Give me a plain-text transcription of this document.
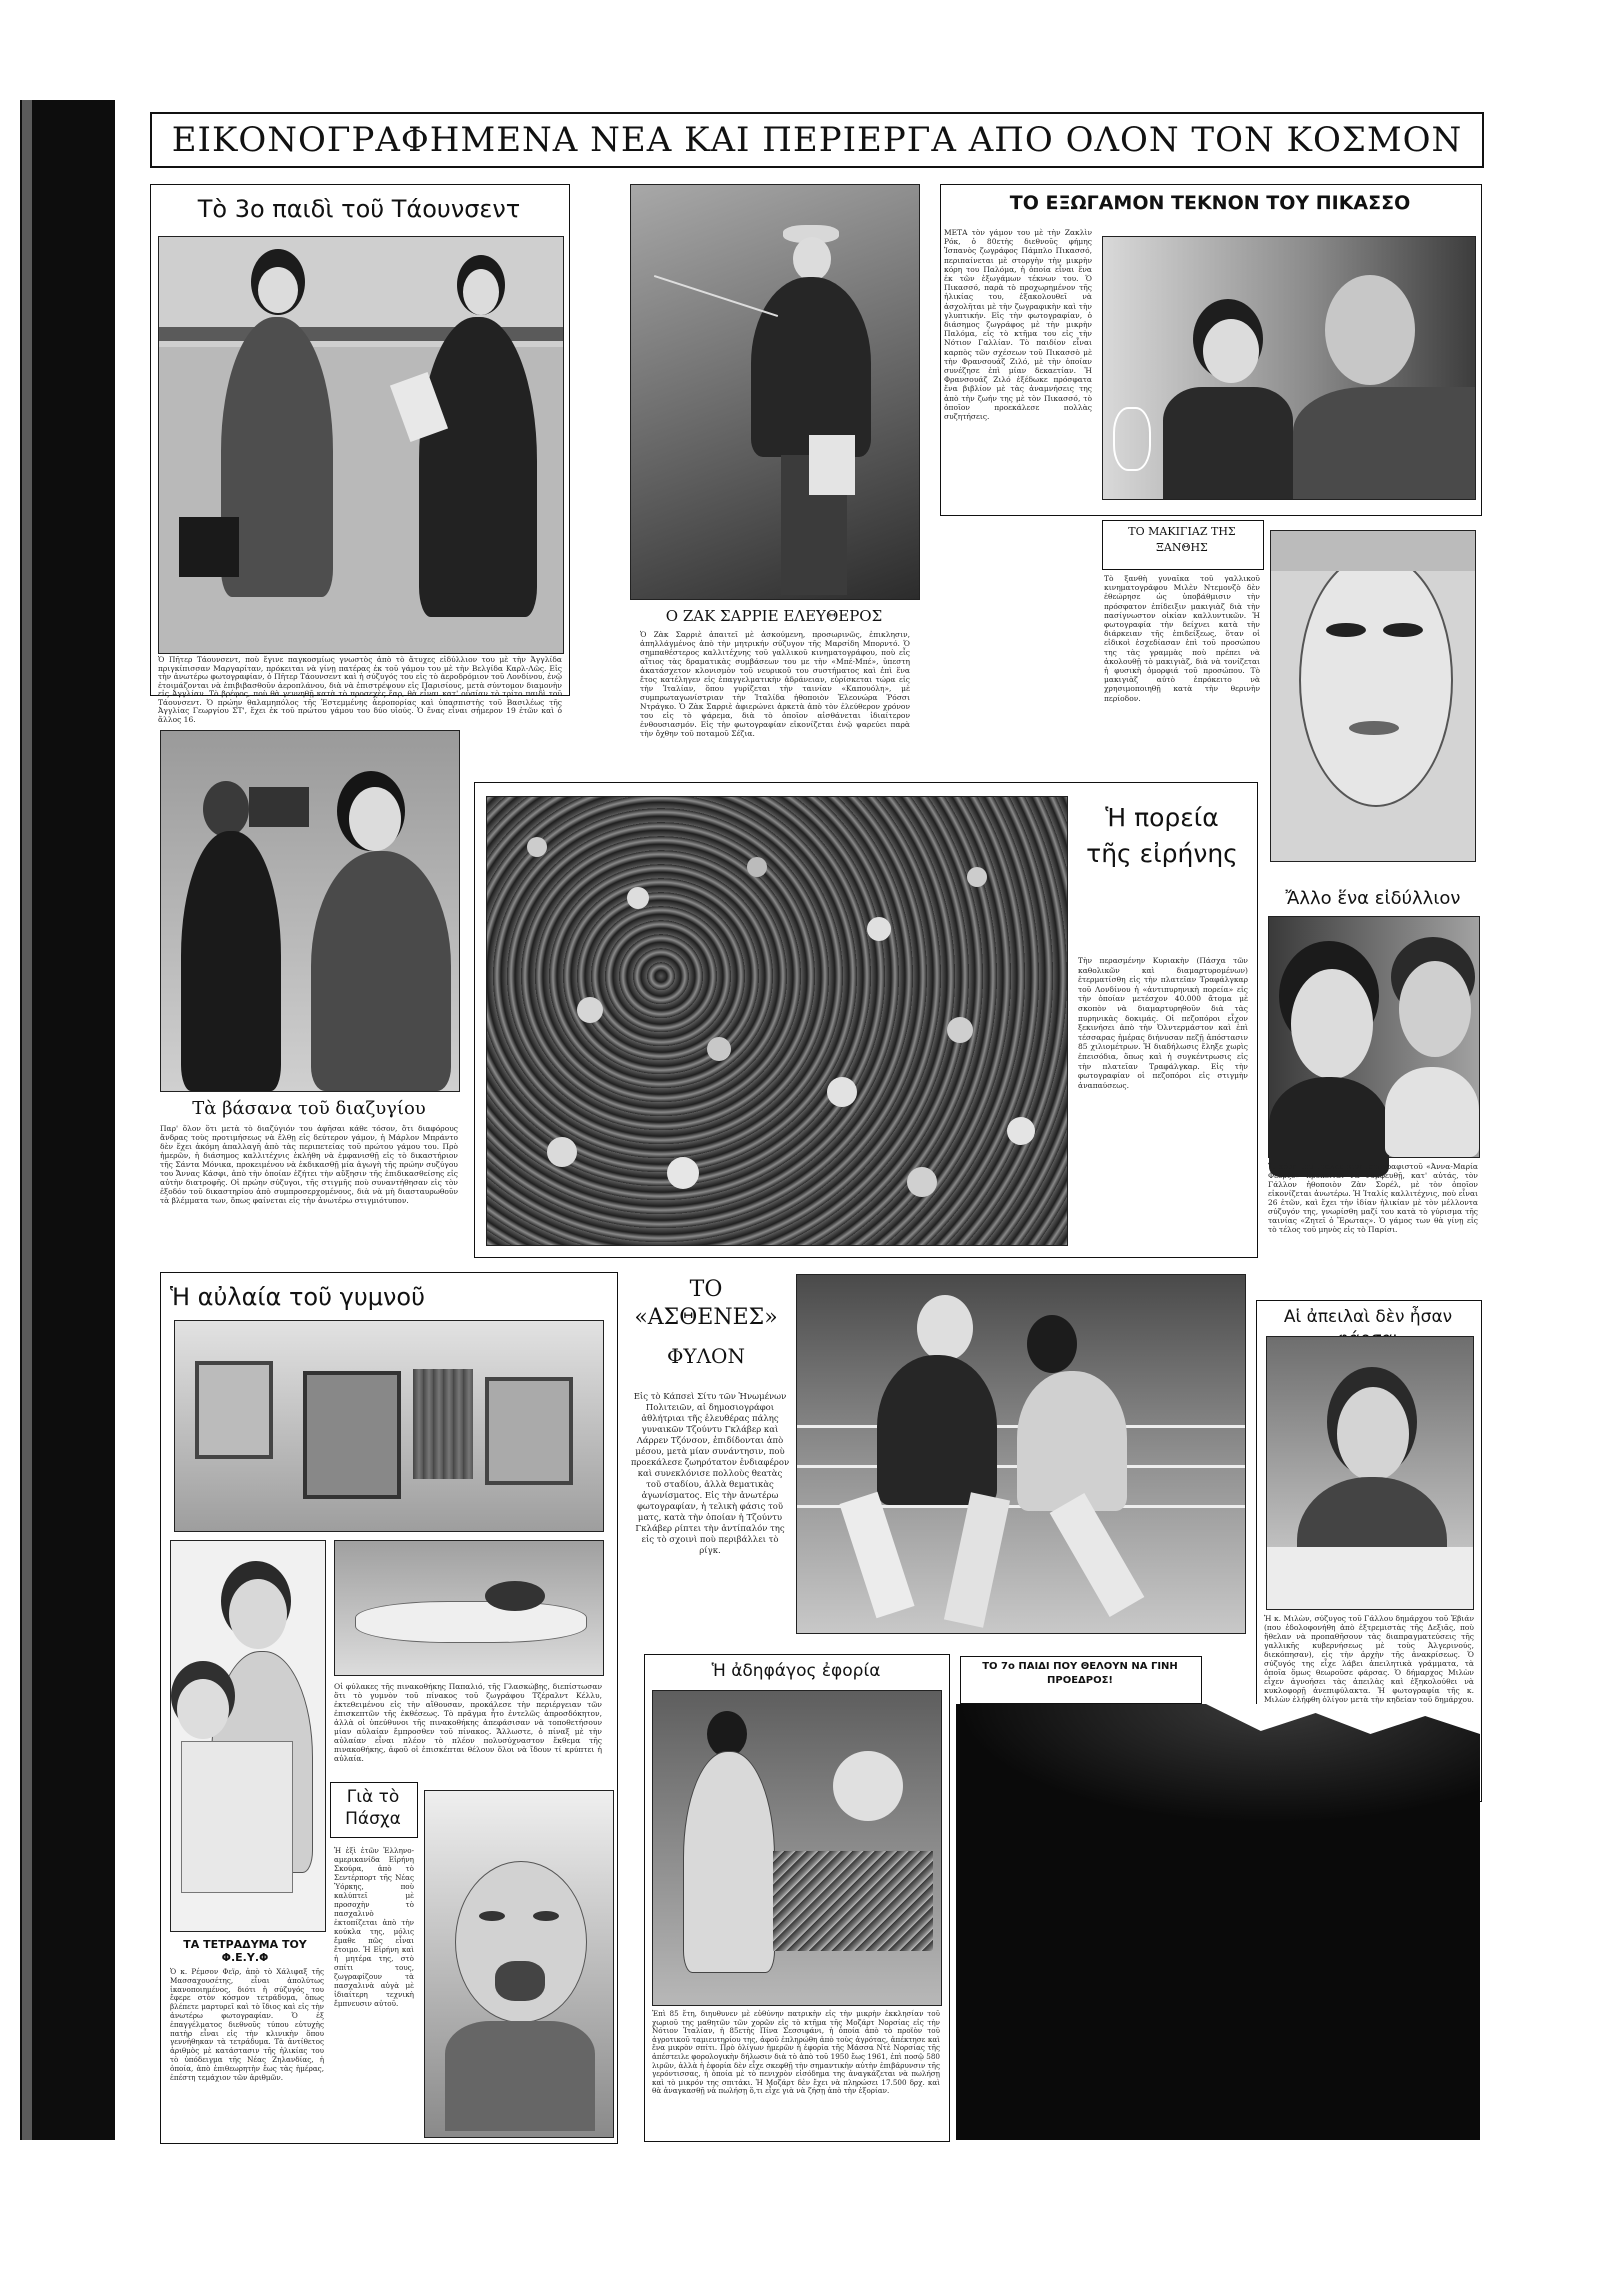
ΕΙΚΟΝΟΓΡΑΦΗΜΕΝΑ ΝΕΑ ΚΑΙ ΠΕΡΙΕΡΓΑ ΑΠΟ ΟΛΟΝ ΤΟΝ ΚΟΣΜΟΝ
Τὸ 3ο παιδὶ τοῦ Τάουνσεντ
Ὁ Πῆτερ Τάουνσεντ, ποὺ ἔγινε παγκοσμίως γνωστὸς ἀπὸ τὸ ἄτυχες εἰδύλλιον του μὲ τὴν Ἀγγλίδα πριγκίπισσαν Μαργαρίταν, πρόκειται νὰ γίνῃ πατέρας ἐκ τοῦ γάμου του μὲ τὴν Βελγίδα Καρλ-Λῶς. Εἰς τὴν ἀνωτέρω φωτογραφίαν, ὁ Πῆτερ Τάουνσεντ καὶ ἡ σύζυγός του εἰς τὸ ἀεροδρόμιον τοῦ Λονδίνου, ἐνῷ ἐτοιμάζονται νὰ ἐπιβιβασθοῦν ἀεροπλάνου, διὰ νὰ ἐπιστρέψουν εἰς Παρισίους, μετὰ σύντομον διαμονὴν εἰς Ἀγγλίαν. Τὸ βρέφος, ποὺ θὰ γεννηθῇ κατὰ τὸ προσεχὲς ἔαρ, θὰ εἶναι κατ' οὐσίαν τὸ τρίτο παιδὶ τοῦ Τάουνσεντ. Ὁ πρώην θαλαμηπόλος τῆς Ἐστεμμένης ἀεροπορίας καὶ ὑπασπιστὴς τοῦ Βασιλέως τῆς Ἀγγλίας Γεωργίου ΣΤ', ἔχει ἐκ τοῦ πρώτου γάμου του δύο υἱούς. Ὁ ἕνας εἶναι σήμερον 19 ἐτῶν καὶ ὁ ἄλλος 16.
Ο ΖΑΚ ΣΑΡΡΙΕ ΕΛΕΥΘΕΡΟΣ
Ὁ Ζὰκ Σαρριὲ ἀπαιτεῖ μὲ ἀσκούμενη, προσωρινῶς, ἐπικλησιν, ἀπηλλάγμένος ἀπὸ τὴν μητρικήν σύζυγον τῆς Μαρσίδη Μπορντό. Ὁ σημπαθέστερος καλλιτέχνης τοῦ γαλλικοῦ κινηματογράφου, ποὺ εἶς αἴτιος τὰς δραματικὰς συμβάσεων του με τὴν «Μπέ-Μπέ», ὑπεστη ἀκατάσχετον κλονισμὸν τοῦ νευρικοῦ του συστήματος καὶ ἐπὶ ἕνα ἔτος κατέληγεν εἰς ἐπαγγελματικὴν ἀδράνειαν, εὑρίσκεται τώρα εἰς τὴν Ἰταλίαν, ὅπου γυρίζεται τὴν ταινίαν «Καπουόλη», μὲ συμπρωταγωνίστριαν τὴν Ἰταλίδα ἠθοποιὸν Ἐλεονώρα Ῥόσσι Ντράγκο. Ὁ Ζὰκ Σαρριὲ ἀφιερώνει ἀρκετὰ ἀπὸ τὸν ἐλεύθερον χρόνον του εἰς τὸ ψάρεμα, διὰ τὸ ὁποῖον αἰσθάνεται ἰδιαίτερον ἐνθουσιασμόν. Εἰς τὴν φωτογραφίαν εἰκονίζεται ἐνῷ ψαρεύει παρὰ τὴν ὄχθην τοῦ ποταμοῦ Σέζια.
ΤΟ ΕΞΩΓΑΜΟΝ ΤΕΚΝΟΝ ΤΟΥ ΠΙΚΑΣΣΟ
ΜΕΤΑ τὸν γάμον του μὲ τὴν Ζακλὶν Ρόκ, ὁ 80ετὴς διεθνοῦς φήμης Ἱσπανὸς ζωγράφος Πάμπλο Πικασσό, περιπαίνεται μὲ στοργὴν τὴν μικρὴν κόρη του Παλόμα, ἡ ὁποία εἶναι ἕνα ἐκ τῶν ἐξωγάμων τέκνων του. Ὁ Πικασσό, παρὰ τὸ προχωρημένον τῆς ἡλικίας του, ἐξακολουθεῖ νὰ ἀσχολῆται μὲ τὴν ζωγραφικὴν καὶ τὴν γλυπτικήν. Εἰς τὴν φωτογραφίαν, ὁ διάσημος ζωγράφος μὲ τὴν μικρὴν Παλόμα, εἰς τὸ κτῆμα του εἰς τὴν Νότιον Γαλλίαν. Τὸ παιδίον εἶναι καρπὸς τῶν σχέσεων τοῦ Πικασσὸ μὲ τὴν Φρανσουάζ Ζιλό, μὲ τὴν ὁποίαν συνέζησε ἐπὶ μίαν δεκαετίαν. Ἡ Φρανσουάζ Ζιλό ἐξέδωκε πρόσφατα ἕνα βιβλίον μὲ τὰς ἀναμνήσεις της ἀπὸ τὴν ζωήν της μὲ τὸν Πικασσό, τὸ ὁποῖον προεκάλεσε πολλὰς συζητήσεις.
ΤΟ ΜΑΚΙΓΙΑΖ ΤΗΣ ΞΑΝΘΗΣ
Τὸ ξανθὴ γυναῖκα τοῦ γαλλικοῦ κινηματογράφου Μιλὲν Ντεμονζὸ δὲν ἐθεώρησε ὡς ὑποβάθμισιν τὴν πρόσφατον ἐπίδειξιν μακιγιὰζ διὰ τὴν πασίγνωστον οἰκίαν καλλυντικῶν. Ἡ φωτογραφία τὴν δείχνει κατὰ τὴν διάρκειαν τῆς ἐπιδείξεως, ὅταν οἱ εἰδικοὶ ἐσχεδίασαν ἐπὶ τοῦ προσώπου της τὰς γραμμὰς ποὺ πρέπει νὰ ἀκολουθῇ τὸ μακιγιὰζ, διὰ νὰ τονίζεται ἡ φυσικὴ ὀμορφιά τοῦ προσώπου. Τὸ μακιγιὰζ αὐτὸ ἐπρόκειτο νὰ χρησιμοποιηθῇ κατὰ τὴν θερινὴν περίοδον.
Τὰ βάσανα τοῦ διαζυγίου
Παρ' ὅλον ὅτι μετὰ τὸ διαζύγιόν του ἀφῆσαι κάθε τόσον, ὅτι διαφόρους ἄνδρας τοὺς προτιμήσεως νὰ ἔλθῃ εἰς δεύτερον γάμον, ἡ Μάρλον Μπράντο δὲν ἔχει ἀκόμη ἀπαλλαγῆ ἀπὸ τὰς περιπετείας τοῦ πρώτου γάμου του. Πρὸ ἡμερῶν, ἡ διάσημος καλλιτέχνις ἐκλήθη νὰ ἐμφανισθῇ εἰς τὸ δικαστήριον τῆς Σάντα Μόνικα, προκειμένου νὰ ἐκδικασθῇ μία ἀγωγὴ τῆς πρώην συζύγου του Ἄννας Κάσφι, ἀπὸ τὴν ὁποίαν ἐζήτει τὴν αὔξησιν τῆς ἐπιδικασθείσης εἰς αὐτὴν διατροφῆς. Οἱ πρώην σύζυγοι, τῆς στιγμῆς ποὺ συναντήθησαν εἰς τὸν ἐξοδόν τοῦ δικαστηρίου ἀπὸ συμπροσερχομένους, διὰ νὰ μὴ διασταυρωθοῦν τὰ βλέμματα των, ὅπως φαίνεται εἰς τὴν ἀνωτέρω στιγμιότυπον.
Ἡ πορεία τῆς εἰρήνης
Τὴν περασμένην Κυριακὴν (Πάσχα τῶν καθολικῶν καὶ διαμαρτυρομένων) ἐτερματίσθη εἰς τὴν πλατεῖαν Τραφάλγκαρ τοῦ Λονδίνου ἡ «ἀντιπυρηνικὴ πορεία» εἰς τὴν ὁποίαν μετέσχον 40.000 ἄτομα μὲ σκοπὸν νὰ διαμαρτυρηθοῦν διὰ τὰς πυρηνικὰς δοκιμάς. Οἱ πεζοπόροι εἶχον ξεκινήσει ἀπὸ τὴν Ὀλντερμάστον καὶ ἐπὶ τέσσαρας ἡμέρας διήνυσαν πεζῇ ἀπόστασιν 85 χιλιομέτρων. Ἡ διαδήλωσις ἔληξε χωρὶς ἐπεισόδια, ὅπως καὶ ἡ συγκέντρωσις εἰς τὴν πλατεῖαν Τραφάλγκαρ. Εἰς τὴν φωτογραφίαν οἱ πεζοπόροι εἰς στιγμὴν ἀναπαύσεως.
Ἄλλο ἕνα εἰδύλλιον
Ἡ κόρη τοῦ Ἰταλοῦ κινηματογραφιστοῦ «Ἀννα-Μαρία Φεόρζο» πρόκειται νὰ νυμφευθῇ, κατ' αὐτάς, τὸν Γάλλον ἠθοποιὸν Ζὰν Σορέλ, μὲ τὸν ὁποῖον εἰκονίζεται ἀνωτέρω. Ἡ Ἰταλίς καλλιτέχνις, ποὺ εἶναι 26 ἐτῶν, καὶ ἔχει τὴν ἰδίαν ἡλικίαν μὲ τὸν μέλλοντα σύζυγόν της, γνωρίσθη μαζί του κατὰ τὸ γύρισμα τῆς ταινίας «Ζητεῖ ὁ Ἔρωτας». Ὁ γάμος των θὰ γίνῃ εἰς τὸ τέλος τοῦ μηνὸς εἰς τὸ Παρίσι.
Ἡ αὐλαία τοῦ γυμνοῦ
Οἱ φύλακες τῆς πινακοθήκης Παπαλιό, τῆς Γλασκώβης, διεπίστωσαν ὅτι τὸ γυμνὸν τοῦ πίνακος τοῦ ζωγράφου Τζέραλντ Κέλλυ, ἐκτεθειμένου εἰς τὴν αἴθουσαν, προκάλεσε τὴν περιέργειαν τῶν ἐπισκεπτῶν τῆς ἐκθέσεως. Τὸ πρᾶγμα ἦτο ἐντελῶς ἀπροσδόκητον, ἀλλὰ οἱ ὑπεύθυνοι τῆς πινακοθήκης ἀπεφάσισαν νὰ τοποθετήσουν μίαν αὐλαίαν ἔμπροσθεν τοῦ πίνακος. Ἄλλωστε, ὁ πίναξ μὲ τὴν αὐλαίαν εἶναι πλέον τὸ πλέον πολυσύχναστον ἔκθεμα τῆς πινακοθήκης, ἀφοῦ οἱ ἐπισκέπται θέλουν ὅλοι νὰ ἴδουν τί κρύπτει ἡ αὐλαία.
ΤΑ ΤΕΤΡΑΔΥΜΑ ΤΟΥ Φ.Ε.Υ.Φ
Ὁ κ. Ρέμσον Φεϊρ, ἀπὸ τὸ Χάλιφαξ τῆς Μασσαχουσέτης, εἶναι ἀπολύτως ἱκανοποιημένος, διότι ἡ σύζυγός του ἔφερε στὸν κόσμον τετράδυμα, ὅπως βλέπετε μαρτυρεῖ καὶ τὸ ἴδιος καὶ εἰς τὴν ἀνωτέρω φωτογραφίαν. Ὁ ἐξ ἐπαγγέλματος διεθνοῦς τύπου εὐτυχὴς πατὴρ εἶναι εἰς τὴν κλινικὴν ὅπου γεννήθηκαν τὰ τετράδυμα. Τὰ ἀντίθετος ἀριθμὸς μὲ κατάστασιν τῆς ἡλικίας του τὸ ὑπόδειγμα τῆς Νέας Ζηλανδίας, ἡ ὁποία, ἀπὸ ἐπιθεωρητὴν ἔως τὰς ἡμέρας, ἐπέστη τεμάχιον τῶν ἀριθμῶν.
Γιὰ τὸ Πάσχα
Ἡ ἑξὶ ἐτῶν Ἐλληνο-αμερικανίδα Εἰρήνη Σκούρα, ἀπὸ τὸ Σεντέρπορτ τῆς Νέας Ὑόρκης, ποὺ καλύπτεῖ μὲ προσοχὴν τὸ πασχαλινὸ ἐκτοπίζεται ἀπὸ τὴν κούκλα της, μόλις ἔμαθε πῶς εἶναι ἕτοιμο. Ἡ Εἰρήνη καὶ ἡ μητέρα της, στὸ σπίτι τους, ζωγραφίζουν τὰ πασχαλινὰ αὐγὰ μὲ ἰδιαίτερη τεχνικὴ ἔμπνευσιν αὐτοῦ.
ΤΟ
«ΑΣΘΕΝΕΣ»
ΦΥΛΟΝ
Εἰς τὸ Κάπσεὶ Σίτυ τῶν Ἡνωμένων Πολιτειῶν, αἱ δημοσιογράφοι ἀθλήτριαι τῆς ἐλευθέρας πάλης γυναικῶν Τζούντυ Γκλάβερ καὶ Λάρρεν Τζόνσον, ἐπιδίδονται ἀπὸ μέσου, μετὰ μίαν συνάντησιν, ποὺ προεκάλεσε ζωηρότατον ἐνδιαφέρον καὶ συνεκλόνισε πολλοὺς θεατὰς τοῦ σταδίου, ἀλλὰ θεματικὰς ἀγωνίσματος. Εἰς τὴν ἀνωτέρω φωτογραφίαν, ἡ τελικὴ φάσις τοῦ ματς, κατὰ τὴν ὁποίαν ἡ Τζούντυ Γκλάβερ ρίπτει τὴν ἀντίπαλόν της εἰς τὸ σχοινὶ ποὺ περιβάλλει τὸ ρίγκ.
Αἱ ἀπειλαὶ δὲν ἦσαν
Ἡ κ. Μιλὼν, σύζυγος τοῦ Γάλλου δημάρχου τοῦ Ἐβιάν (που ἐδολοφονήθη ἀπὸ ἐξτρεμιστὰς τῆς Δεξιᾶς, ποὺ ἤθελαν νὰ προπαθῆσουν τὰς διαπραγματεύσεις τῆς γαλλικῆς κυβερνήσεως μὲ τοὺς Ἀλγερινούς, διεκόπησαν), εἰς τὴν ἀρχὴν τῆς ἀνακρίσεως. Ὁ σύζυγός της εἶχε λάβει ἀπειλητικὰ γράμματα, τὰ ὁποῖα ὅμως θεωροῦσε φάρσας. Ὁ δήμαρχος Μιλὼν εἶχεν ἀγνοήσει τὰς ἀπειλὰς καὶ ἐξηκολούθει νὰ κυκλοφορῇ ἀνεπιφύλακτα. Ἡ φωτογραφία τῆς κ. Μιλὼν ἐλήφθη ὀλίγον μετὰ τὴν κηδείαν τοῦ δημάρχου.
Ἡ ἀδηφάγος ἐφορία
Ἐπὶ 85 ἔτη, διηυθυνεν μὲ εὐθύνην πατρικὴν εἰς τὴν μικρὴν ἐκκλησίαν τοῦ χωριοῦ της μαθητῶν τῶν χορῶν εἰς τὸ κτῆμα τῆς Μοζάρτ Νορσίας εἰς τὴν Νότιον Ἰταλίαν, ἡ 85ετὴς Πίνα Σεσσιφάνι, ἡ ὁποία ἀπὸ τὸ προϊὸν τοῦ ἀγροτικοῦ ταμιευτηρίου της, ἀφοῦ ἐπληρώθη ἀπὸ τοὺς ἀγρότας, ἀπέκτησε καὶ ἕνα μικρὸν σπίτι. Πρὸ ὀλίγων ἡμερῶν ἡ ἐφορία τῆς Μάσσα Ντὲ Νορσίας τῆς ἀπέστειλε φορολογικὴν δήλωσιν διὰ τὸ ἀπὸ τοῦ 1950 ἔως 1961, ἐπὶ ποσῷ 580 λιρῶν, ἀλλὰ ἡ ἐφορία δὲν εἶχε σκεφθῇ τὴν σημαντικὴν αὐτὴν ἐπιβάρυνσιν τῆς γερόντισσας, ἡ ὁποία μὲ τὸ πενιχρὸν εἰσόδημα της ἀναγκάζεται νὰ πωλήσῃ καὶ τὸ μικρόν της σπιτάκι. Ἡ Μοζάρτ δὲν ἔχει νὰ πληρώσει 17.500 δρχ. καὶ θὰ ἀναγκασθῇ νὰ πωλήσῃ ὅ,τι εἶχε γιὰ νὰ ζήσῃ ἀπὸ τὴν ἐξορίαν.
ΤΟ 7ο ΠΑΙΔΙ ΠΟΥ ΘΕΛΟΥΝ ΝΑ ΓΙΝΗ ΠΡΟΕΔΡΟΣ!
